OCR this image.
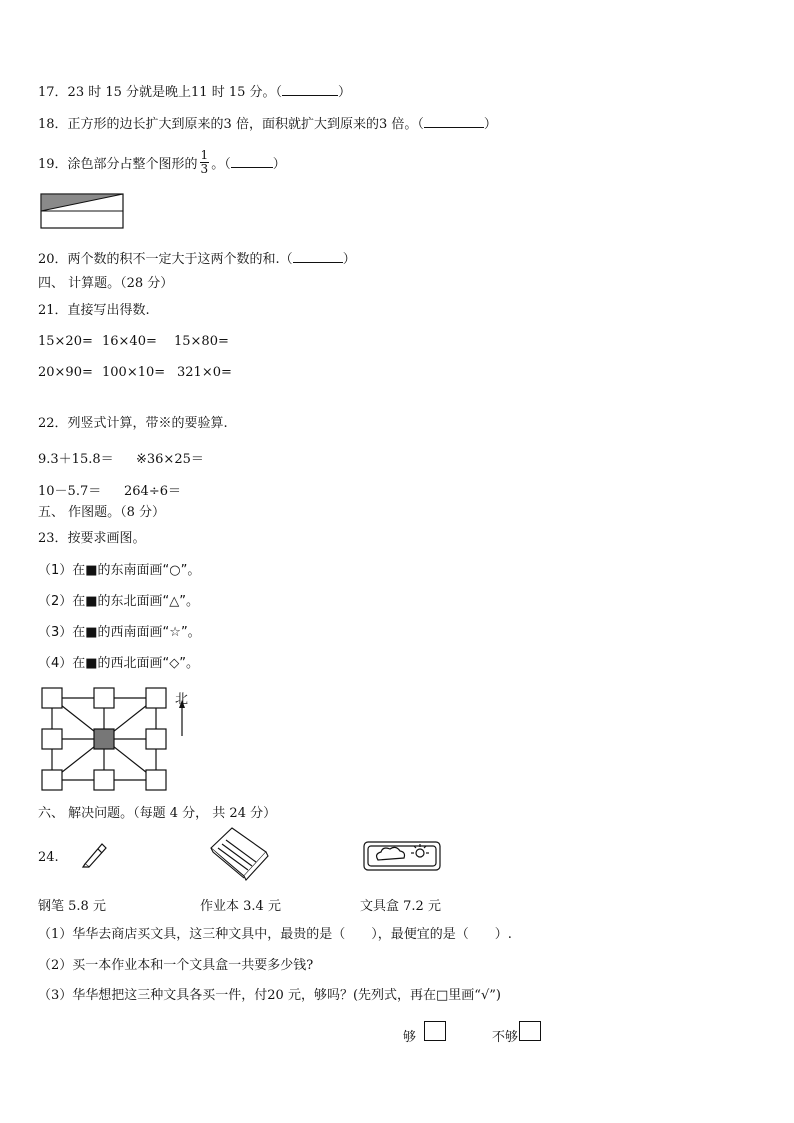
17．23 时 15 分就是晚上11 时 15 分。（	）
18．正方形的边长扩大到原来的3 倍，面积就扩大到原来的3 倍。（	）
19．涂色部分占整个图形的 $\frac{1}{3}$ 。（	）
20．两个数的积不一定大于这两个数的和.（	）
四、 计算题。（28 分）
21．直接写出得数.
15×20= 16×40= 15×80=
20×90= 100×10= 321×0=
22．列竖式计算，带※的要验算.
9.3＋15.8＝ ※36×25＝
10－5.7＝ 264÷6＝
五、 作图题。（8 分）
23．按要求画图。
（1）在■的东南面画“○”。
（2）在■的东北面画“△”。
（3）在■的西南面画“☆”。
（4）在■的西北面画“◇”。
北
六、 解决问题。（每题 4 分， 共 24 分）
24.
钢笔 5.8 元	作业本 3.4 元	文具盒 7.2 元
（1）华华去商店买文具，这三种文具中，最贵的是（　　），最便宜的是（　　）.
（2）买一本作业本和一个文具盒一共要多少钱?
（3）华华想把这三种文具各买一件，付20 元，够吗？(先列式，再在□里画“√”)
够	不够
